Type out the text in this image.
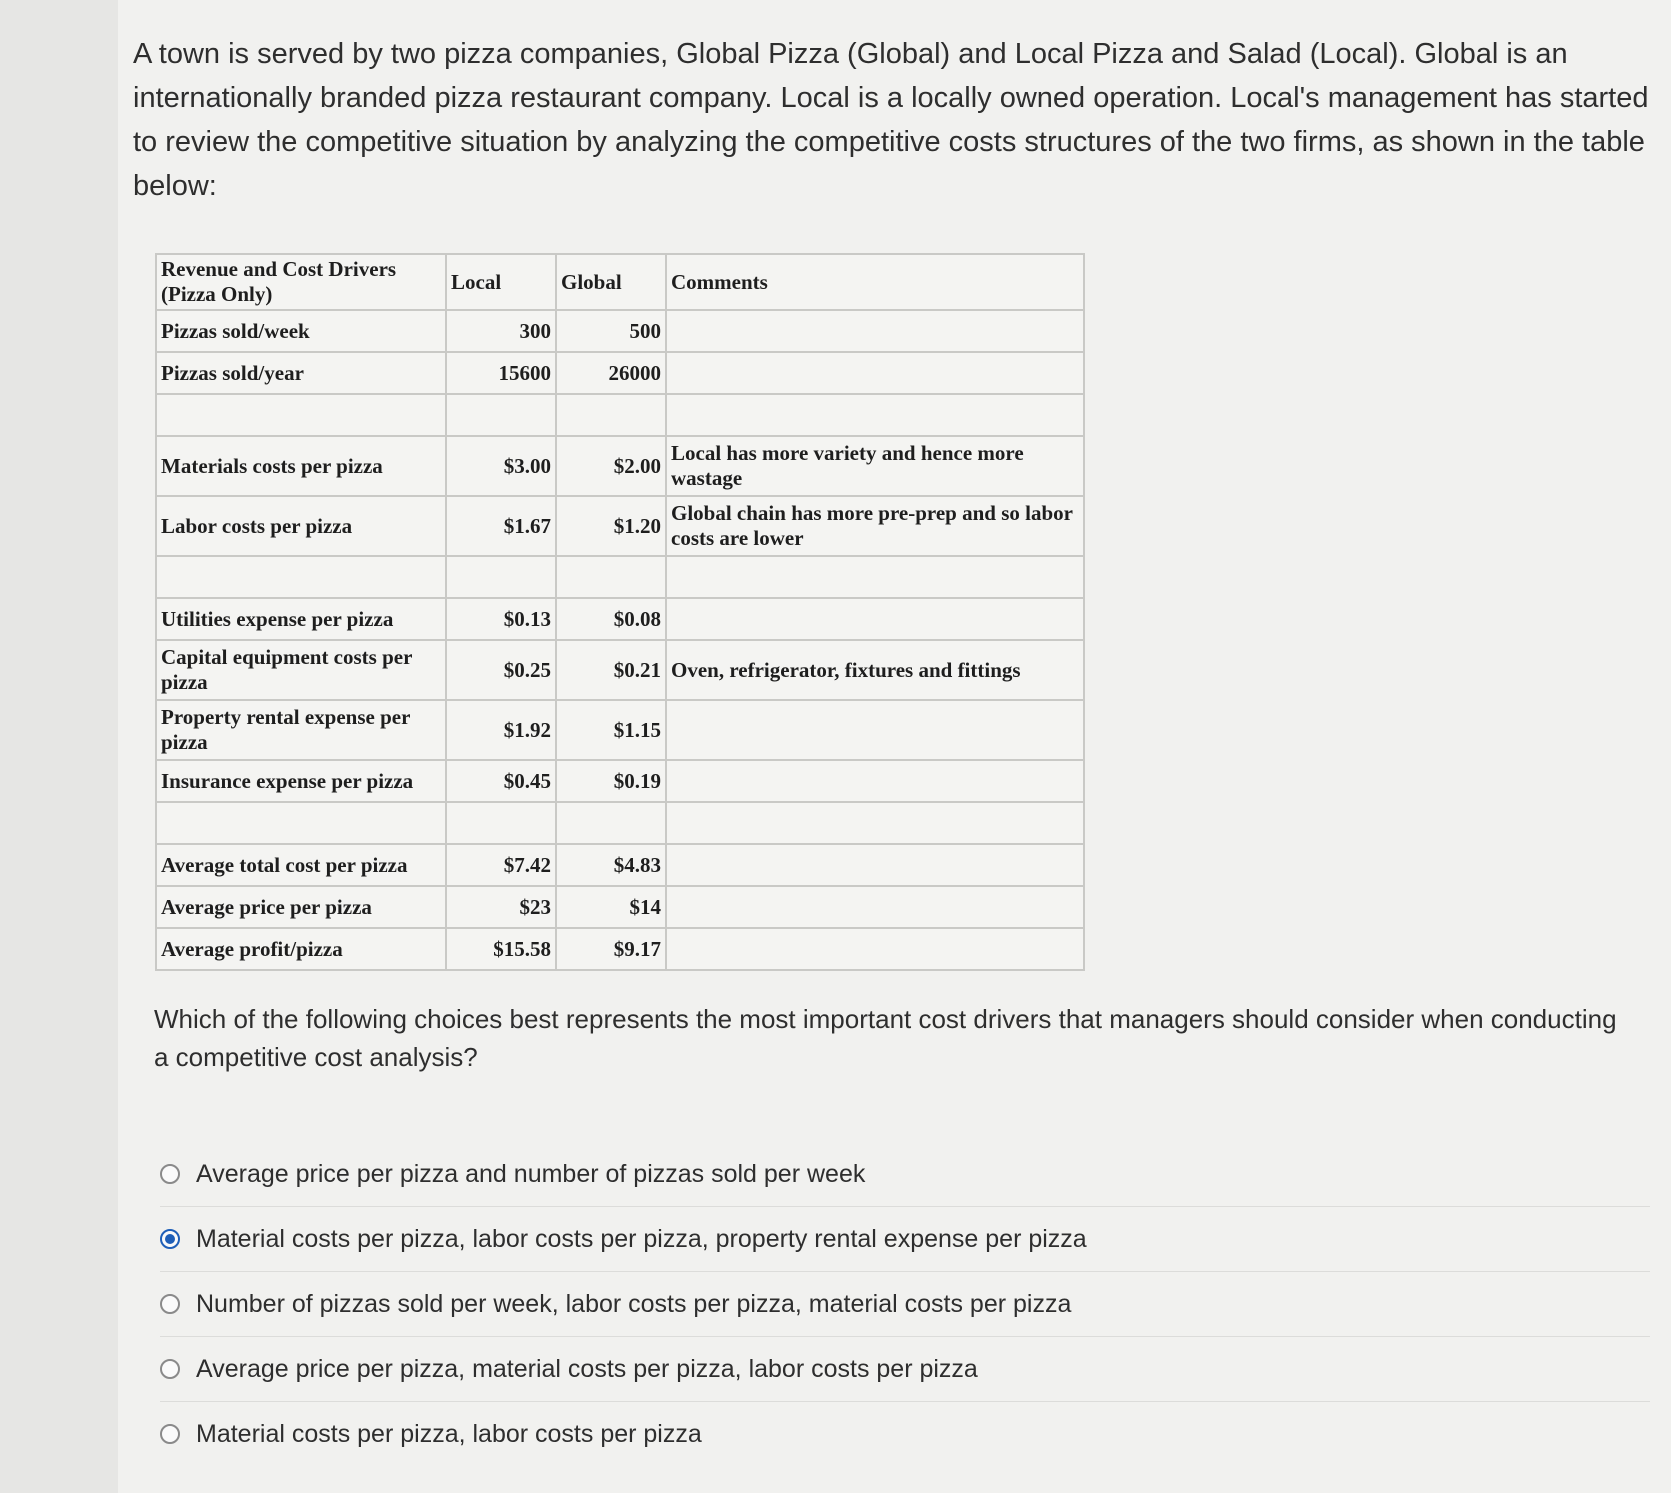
A town is served by two pizza companies, Global Pizza (Global) and Local Pizza and Salad (Local). Global is an internationally branded pizza restaurant company. Local is a locally owned operation. Local's management has started to review the competitive situation by analyzing the competitive costs structures of the two firms, as shown in the table below:

Revenue and Cost Drivers (Pizza Only)	Local	Global	Comments
Pizzas sold/week	300	500	
Pizzas sold/year	15600	26000	

Materials costs per pizza	$3.00	$2.00	Local has more variety and hence more wastage
Labor costs per pizza	$1.67	$1.20	Global chain has more pre-prep and so labor costs are lower

Utilities expense per pizza	$0.13	$0.08	
Capital equipment costs per pizza	$0.25	$0.21	Oven, refrigerator, fixtures and fittings
Property rental expense per pizza	$1.92	$1.15	
Insurance expense per pizza	$0.45	$0.19	

Average total cost per pizza	$7.42	$4.83	
Average price per pizza	$23	$14	
Average profit/pizza	$15.58	$9.17	

Which of the following choices best represents the most important cost drivers that managers should consider when conducting a competitive cost analysis?

Average price per pizza and number of pizzas sold per week
Material costs per pizza, labor costs per pizza, property rental expense per pizza
Number of pizzas sold per week, labor costs per pizza, material costs per pizza
Average price per pizza, material costs per pizza, labor costs per pizza
Material costs per pizza, labor costs per pizza
